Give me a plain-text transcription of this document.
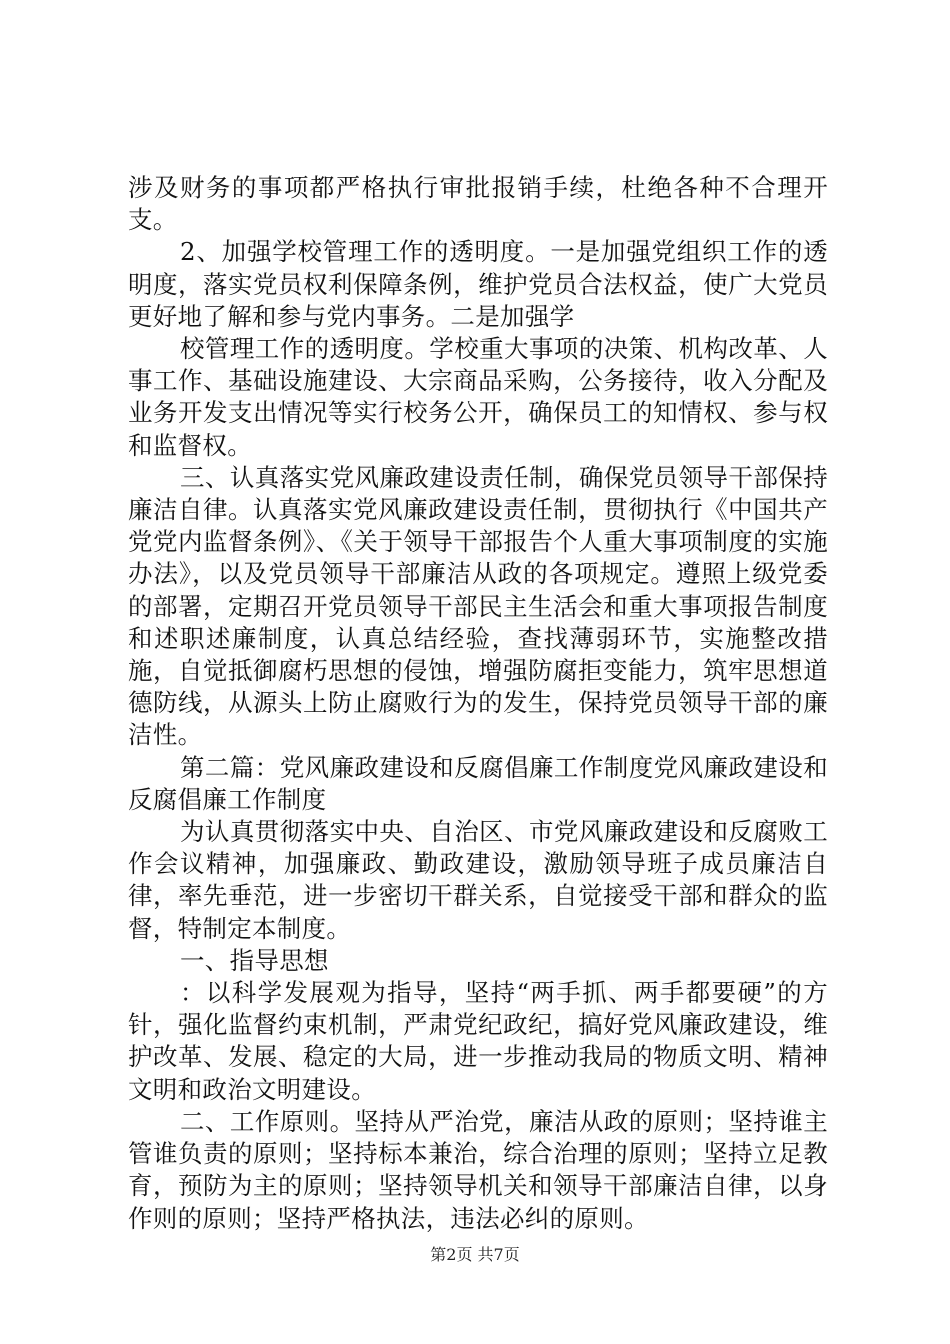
涉及财务的事项都严格执行审批报销手续，杜绝各种不合理开支。

2、加强学校管理工作的透明度。一是加强党组织工作的透明度，落实党员权利保障条例，维护党员合法权益，使广大党员更好地了解和参与党内事务。二是加强学

校管理工作的透明度。学校重大事项的决策、机构改革、人事工作、基础设施建设、大宗商品采购，公务接待，收入分配及业务开发支出情况等实行校务公开，确保员工的知情权、参与权和监督权。

三、认真落实党风廉政建设责任制，确保党员领导干部保持廉洁自律。认真落实党风廉政建设责任制，贯彻执行《中国共产党党内监督条例》、《关于领导干部报告个人重大事项制度的实施办法》，以及党员领导干部廉洁从政的各项规定。遵照上级党委的部署，定期召开党员领导干部民主生活会和重大事项报告制度和述职述廉制度，认真总结经验，查找薄弱环节，实施整改措施，自觉抵御腐朽思想的侵蚀，增强防腐拒变能力，筑牢思想道德防线，从源头上防止腐败行为的发生，保持党员领导干部的廉洁性。

第二篇：党风廉政建设和反腐倡廉工作制度党风廉政建设和反腐倡廉工作制度

为认真贯彻落实中央、自治区、市党风廉政建设和反腐败工作会议精神，加强廉政、勤政建设，激励领导班子成员廉洁自律，率先垂范，进一步密切干群关系，自觉接受干部和群众的监督，特制定本制度。

一、指导思想

：以科学发展观为指导，坚持“两手抓、两手都要硬”的方针，强化监督约束机制，严肃党纪政纪，搞好党风廉政建设，维护改革、发展、稳定的大局，进一步推动我局的物质文明、精神文明和政治文明建设。

二、工作原则。坚持从严治党，廉洁从政的原则；坚持谁主管谁负责的原则；坚持标本兼治，综合治理的原则；坚持立足教育，预防为主的原则；坚持领导机关和领导干部廉洁自律，以身作则的原则；坚持严格执法，违法必纠的原则。

第2页 共7页
